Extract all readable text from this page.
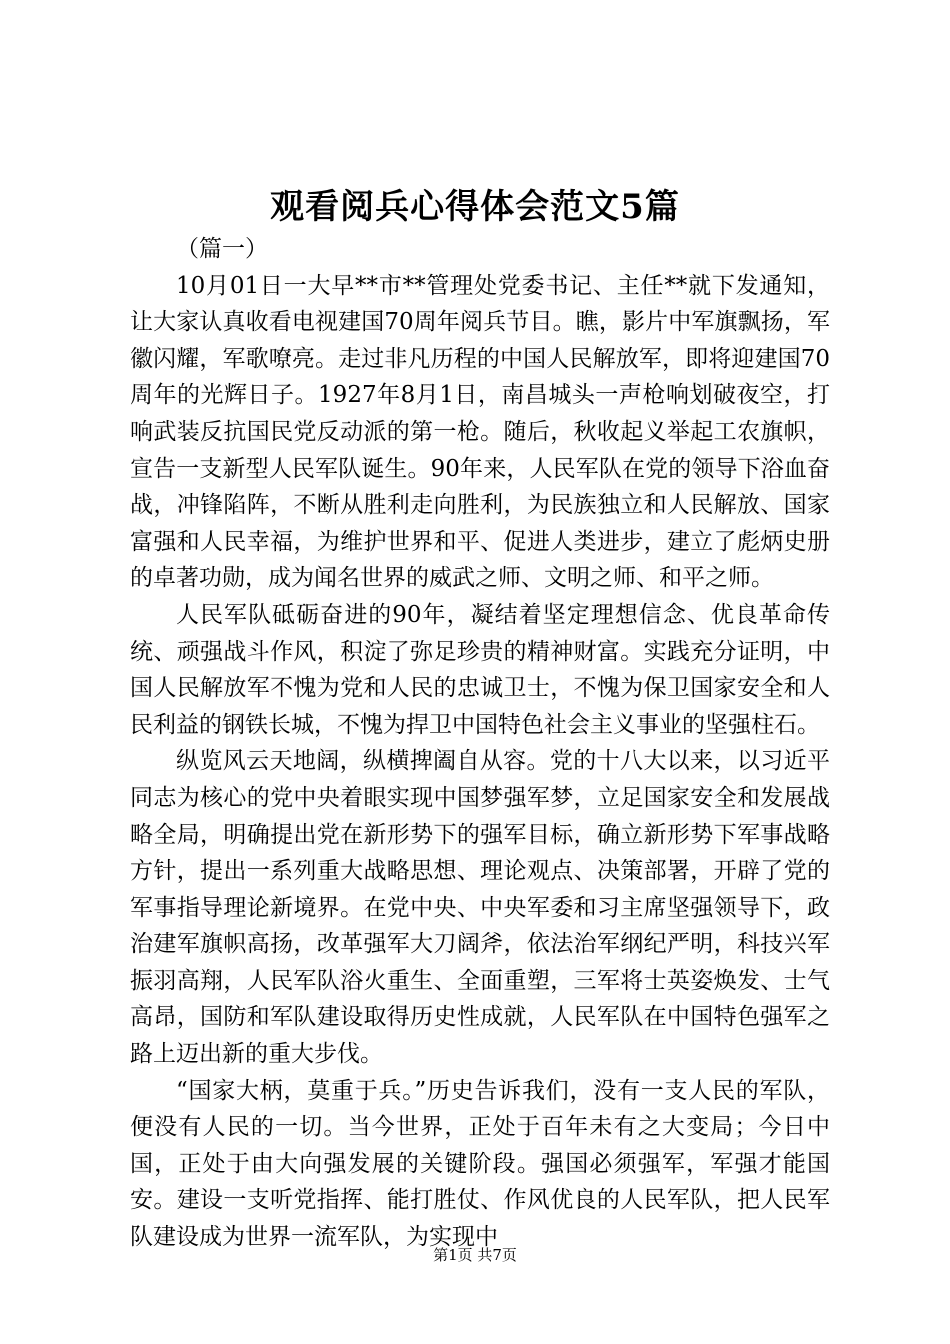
观看阅兵心得体会范文5篇

（篇一）

10月01日一大早**市**管理处党委书记、主任**就下发通知，让大家认真收看电视建国70周年阅兵节目。瞧，影片中军旗飘扬，军徽闪耀，军歌嘹亮。走过非凡历程的中国人民解放军，即将迎建国70周年的光辉日子。1927年8月1日，南昌城头一声枪响划破夜空，打响武装反抗国民党反动派的第一枪。随后，秋收起义举起工农旗帜，宣告一支新型人民军队诞生。90年来，人民军队在党的领导下浴血奋战，冲锋陷阵，不断从胜利走向胜利，为民族独立和人民解放、国家富强和人民幸福，为维护世界和平、促进人类进步，建立了彪炳史册的卓著功勋，成为闻名世界的威武之师、文明之师、和平之师。

人民军队砥砺奋进的90年，凝结着坚定理想信念、优良革命传统、顽强战斗作风，积淀了弥足珍贵的精神财富。实践充分证明，中国人民解放军不愧为党和人民的忠诚卫士，不愧为保卫国家安全和人民利益的钢铁长城，不愧为捍卫中国特色社会主义事业的坚强柱石。

纵览风云天地阔，纵横捭阖自从容。党的十八大以来，以习近平同志为核心的党中央着眼实现中国梦强军梦，立足国家安全和发展战略全局，明确提出党在新形势下的强军目标，确立新形势下军事战略方针，提出一系列重大战略思想、理论观点、决策部署，开辟了党的军事指导理论新境界。在党中央、中央军委和习主席坚强领导下，政治建军旗帜高扬，改革强军大刀阔斧，依法治军纲纪严明，科技兴军振羽高翔，人民军队浴火重生、全面重塑，三军将士英姿焕发、士气高昂，国防和军队建设取得历史性成就，人民军队在中国特色强军之路上迈出新的重大步伐。

“国家大柄，莫重于兵。”历史告诉我们，没有一支人民的军队，便没有人民的一切。当今世界，正处于百年未有之大变局；今日中国，正处于由大向强发展的关键阶段。强国必须强军，军强才能国安。建设一支听党指挥、能打胜仗、作风优良的人民军队，把人民军队建设成为世界一流军队，为实现中

第1页 共7页
